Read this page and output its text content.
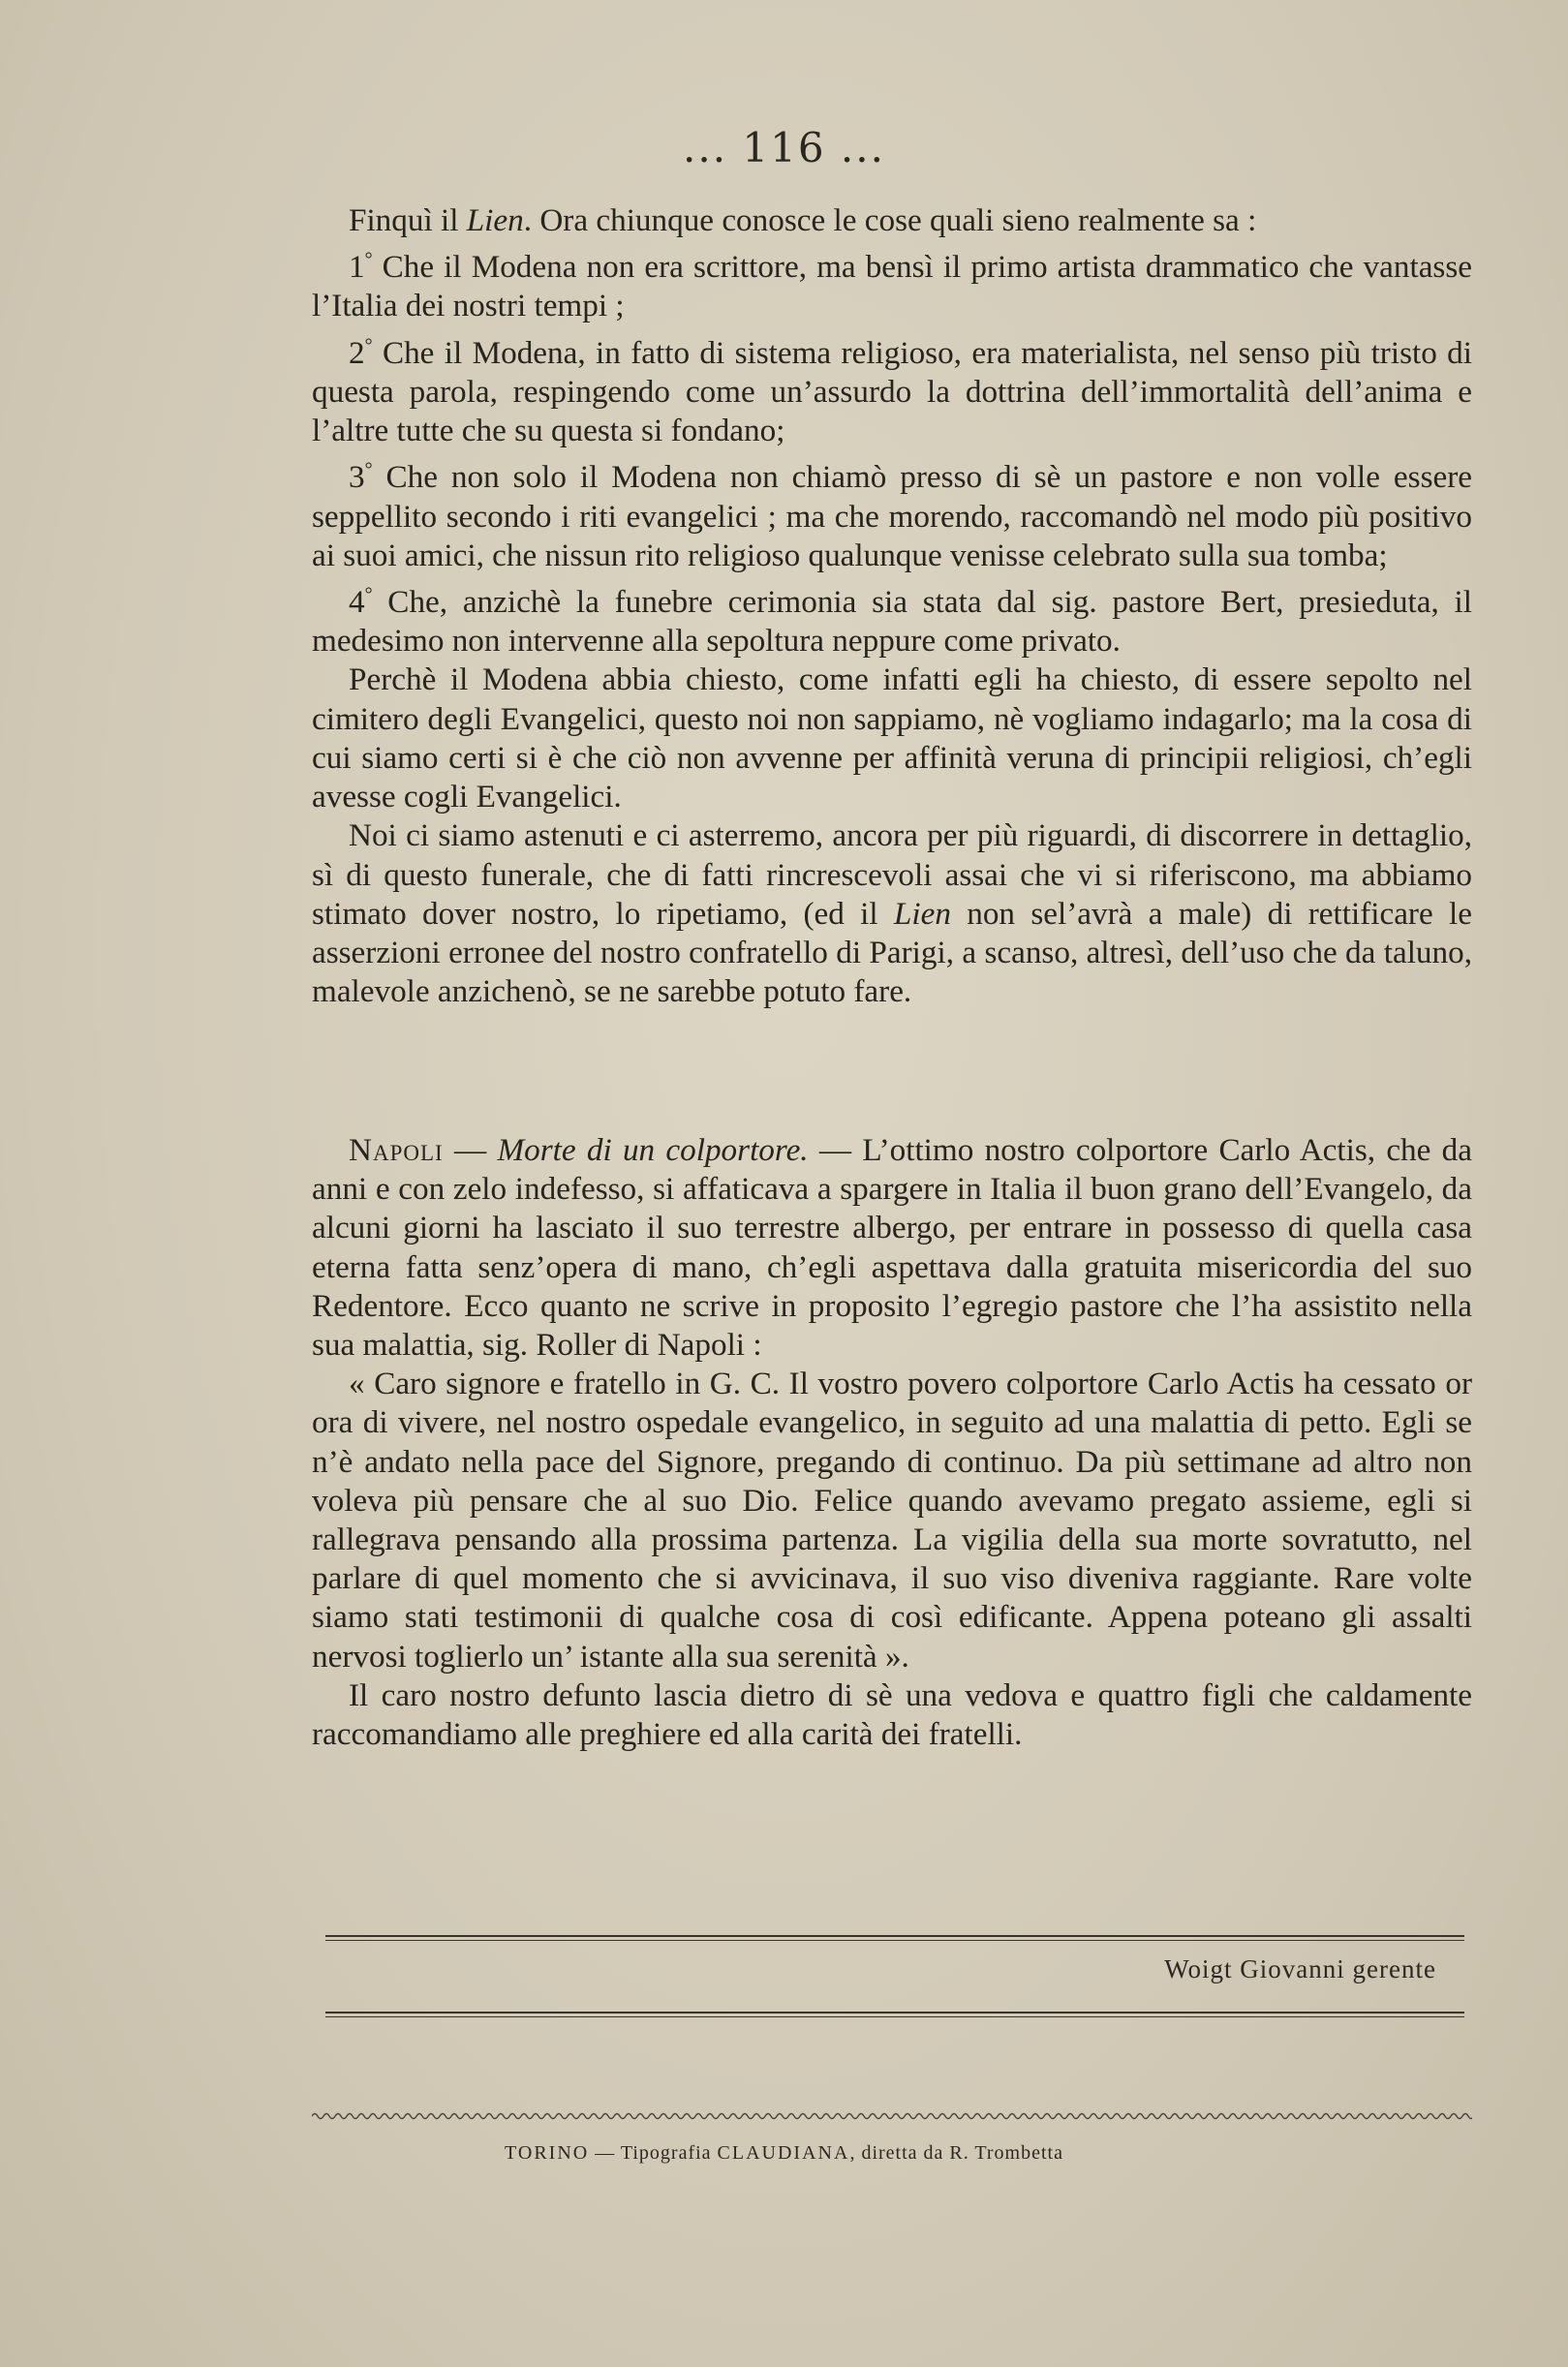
... 116 ...

Finquì il Lien. Ora chiunque conosce le cose quali sieno realmente sa :

1° Che il Modena non era scrittore, ma bensì il primo artista drammatico che vantasse l’Italia dei nostri tempi ;

2° Che il Modena, in fatto di sistema religioso, era materialista, nel senso più tristo di questa parola, respingendo come un’assurdo la dottrina dell’immortalità dell’anima e l’altre tutte che su questa si fondano;

3° Che non solo il Modena non chiamò presso di sè un pastore e non volle essere seppellito secondo i riti evangelici ; ma che morendo, raccomandò nel modo più positivo ai suoi amici, che nissun rito religioso qualunque venisse celebrato sulla sua tomba;

4° Che, anzichè la funebre cerimonia sia stata dal sig. pastore Bert, presieduta, il medesimo non intervenne alla sepoltura neppure come privato.

Perchè il Modena abbia chiesto, come infatti egli ha chiesto, di essere sepolto nel cimitero degli Evangelici, questo noi non sappiamo, nè vogliamo indagarlo; ma la cosa di cui siamo certi si è che ciò non avvenne per affinità veruna di principii religiosi, ch’egli avesse cogli Evangelici.

Noi ci siamo astenuti e ci asterremo, ancora per più riguardi, di discorrere in dettaglio, sì di questo funerale, che di fatti rincrescevoli assai che vi si riferiscono, ma abbiamo stimato dover nostro, lo ripetiamo, (ed il Lien non sel’avrà a male) di rettificare le asserzioni erronee del nostro confratello di Parigi, a scanso, altresì, dell’uso che da taluno, malevole anzichenò, se ne sarebbe potuto fare.

Napoli — Morte di un colportore. — L’ottimo nostro colportore Carlo Actis, che da anni e con zelo indefesso, si affaticava a spargere in Italia il buon grano dell’Evangelo, da alcuni giorni ha lasciato il suo terrestre albergo, per entrare in possesso di quella casa eterna fatta senz’opera di mano, ch’egli aspettava dalla gratuita misericordia del suo Redentore. Ecco quanto ne scrive in proposito l’egregio pastore che l’ha assistito nella sua malattia, sig. Roller di Napoli :

« Caro signore e fratello in G. C. Il vostro povero colportore Carlo Actis ha cessato or ora di vivere, nel nostro ospedale evangelico, in seguito ad una malattia di petto. Egli se n’è andato nella pace del Signore, pregando di continuo. Da più settimane ad altro non voleva più pensare che al suo Dio. Felice quando avevamo pregato assieme, egli si rallegrava pensando alla prossima partenza. La vigilia della sua morte sovratutto, nel parlare di quel momento che si avvicinava, il suo viso diveniva raggiante. Rare volte siamo stati testimonii di qualche cosa di così edificante. Appena poteano gli assalti nervosi toglierlo un’ istante alla sua serenità ».

Il caro nostro defunto lascia dietro di sè una vedova e quattro figli che caldamente raccomandiamo alle preghiere ed alla carità dei fratelli.

Woigt Giovanni gerente
TORINO — Tipografia CLAUDIANA, diretta da R. Trombetta
